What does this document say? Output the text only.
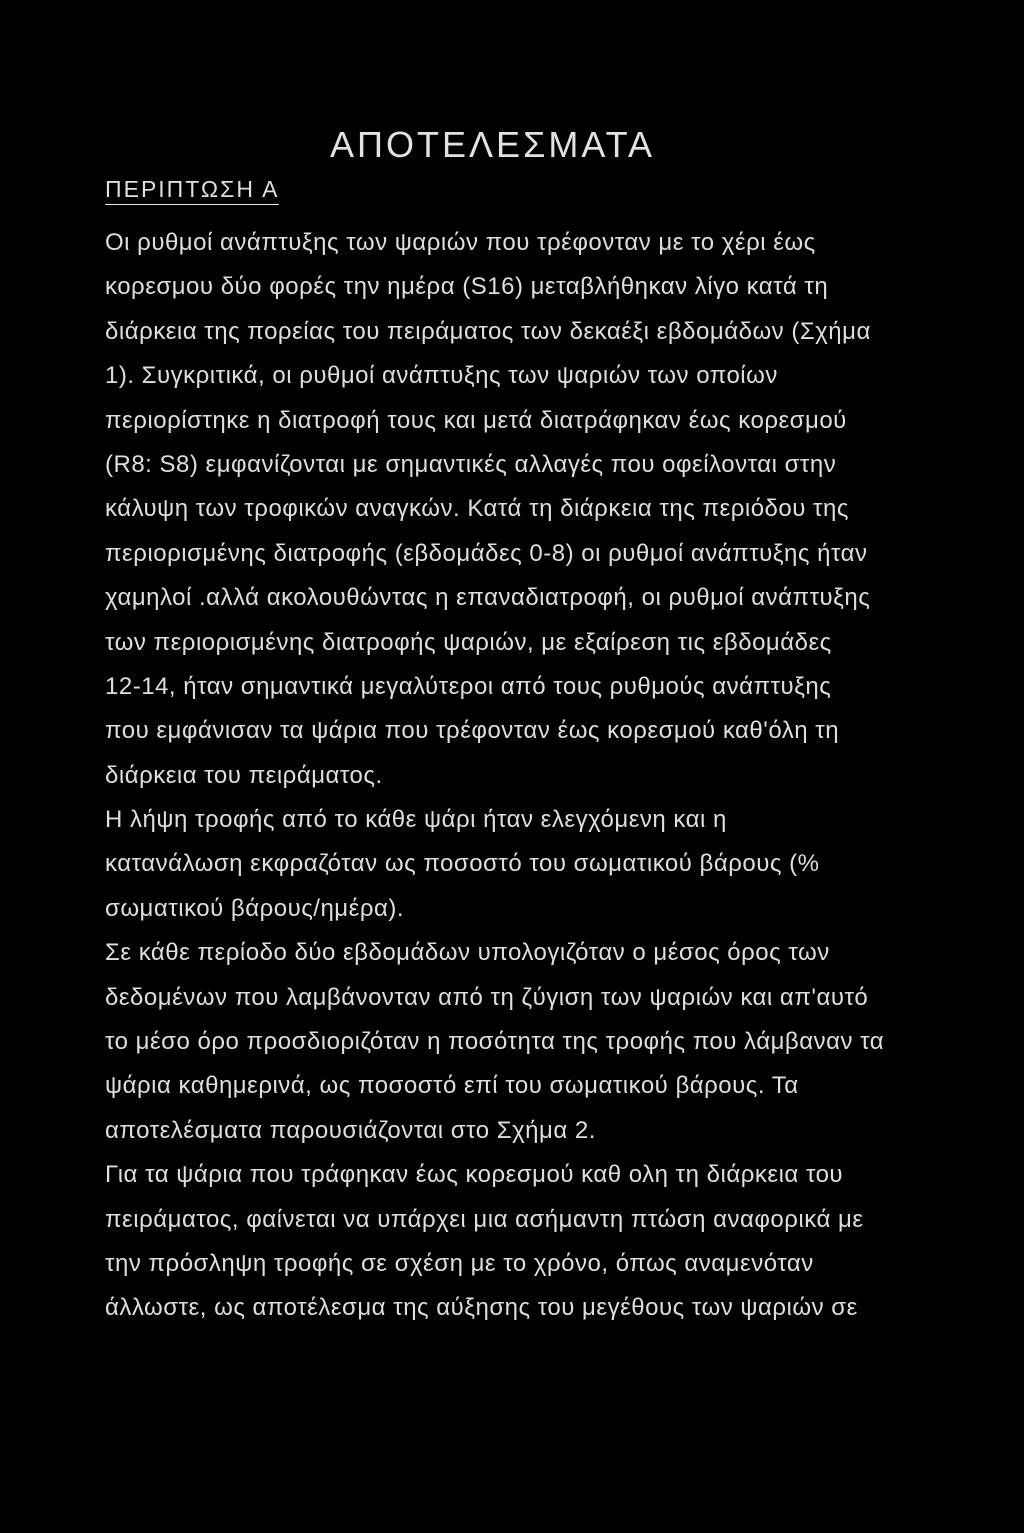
ΑΠΟΤΕΛΕΣΜΑΤΑ
ΠΕΡΙΠΤΩΣΗ Α
Οι ρυθμοί ανάπτυξης των ψαριών που τρέφονταν με το χέρι έως
κορεσμου δύο φορές την ημέρα (S16) μεταβλήθηκαν λίγο κατά τη
διάρκεια της πορείας του πειράματος των δεκαέξι εβδομάδων (Σχήμα
1). Συγκριτικά, οι ρυθμοί ανάπτυξης των ψαριών των οποίων
περιορίστηκε η διατροφή τους και μετά διατράφηκαν έως κορεσμού
(R8: S8) εμφανίζονται με σημαντικές αλλαγές που οφείλονται στην
κάλυψη των τροφικών αναγκών. Κατά τη διάρκεια της περιόδου της
περιορισμένης διατροφής (εβδομάδες 0-8) οι ρυθμοί ανάπτυξης ήταν
χαμηλοί .αλλά ακολουθώντας η επαναδιατροφή, οι ρυθμοί ανάπτυξης
των περιορισμένης διατροφής ψαριών, με εξαίρεση τις εβδομάδες
12-14, ήταν σημαντικά μεγαλύτεροι από τους ρυθμούς ανάπτυξης
που εμφάνισαν τα ψάρια που τρέφονταν έως κορεσμού καθ'όλη τη
διάρκεια του πειράματος.
Η λήψη τροφής από το κάθε ψάρι ήταν ελεγχόμενη και η
κατανάλωση εκφραζόταν ως ποσοστό του σωματικού βάρους (%
σωματικού βάρους/ημέρα).
Σε κάθε περίοδο δύο εβδομάδων υπολογιζόταν ο μέσος όρος των
δεδομένων που λαμβάνονταν από τη ζύγιση των ψαριών και απ'αυτό
το μέσο όρο προσδιοριζόταν η ποσότητα της τροφής που λάμβαναν τα
ψάρια καθημερινά, ως ποσοστό επί του σωματικού βάρους. Τα
αποτελέσματα παρουσιάζονται στο Σχήμα 2.
Για τα ψάρια που τράφηκαν έως κορεσμού καθ ολη τη διάρκεια του
πειράματος, φαίνεται να υπάρχει μια ασήμαντη πτώση αναφορικά με
την πρόσληψη τροφής σε σχέση με το χρόνο, όπως αναμενόταν
άλλωστε, ως αποτέλεσμα της αύξησης του μεγέθους των ψαριών σε
